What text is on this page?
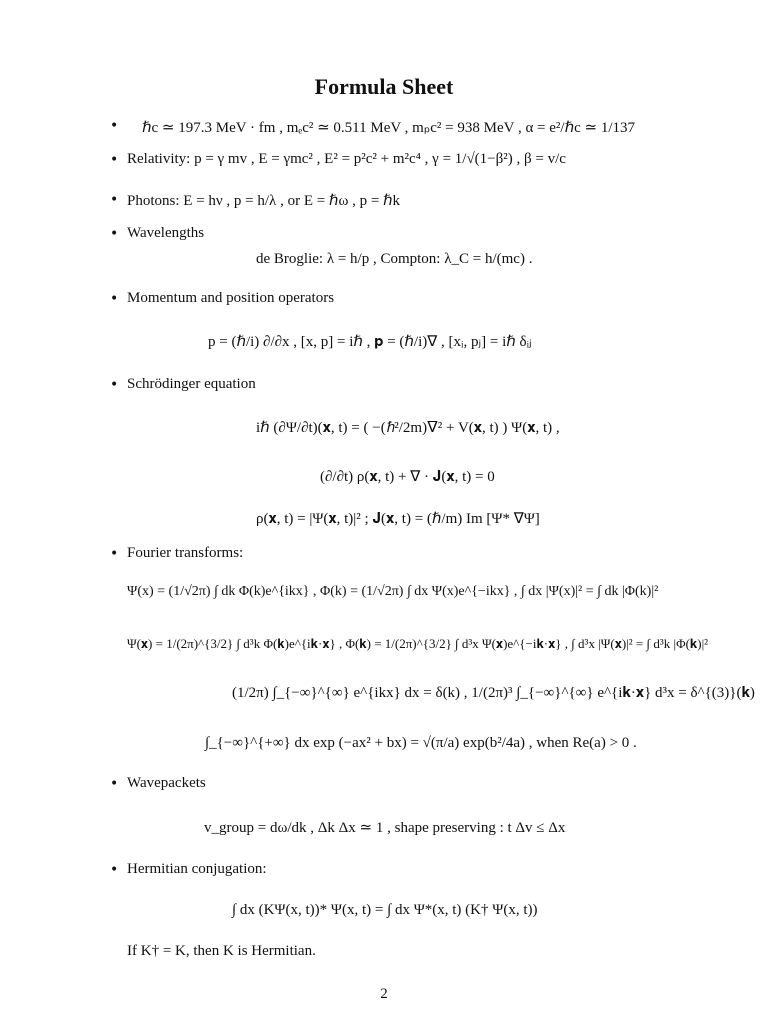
Formula Sheet
• ℏc ≃ 197.3 MeV · fm , mₑc² ≃ 0.511 MeV , mₚc² = 938 MeV , α = e²/ℏc ≃ 1/137
• Relativity: p = γ mv , E = γmc² , E² = p²c² + m²c⁴ , γ = 1/√(1−β²) , β = v/c
• Photons: E = hν , p = h/λ , or E = ℏω , p = ℏk
• Wavelengths
de Broglie: λ = h/p , Compton: λ_C = h/(mc) .
• Momentum and position operators
p = (ℏ/i) ∂/∂x , [x, p] = iℏ , 𝐩 = (ℏ/i)∇ , [xᵢ, pⱼ] = iℏ δᵢⱼ
• Schrödinger equation
iℏ (∂Ψ/∂t)(𝐱, t) = ( −(ℏ²/2m)∇² + V(𝐱, t) ) Ψ(𝐱, t) ,
(∂/∂t) ρ(𝐱, t) + ∇ · 𝐉(𝐱, t) = 0
ρ(𝐱, t) = |Ψ(𝐱, t)|² ; 𝐉(𝐱, t) = (ℏ/m) Im [Ψ* ∇Ψ]
• Fourier transforms:
Ψ(x) = (1/√2π) ∫ dk Φ(k)e^{ikx} , Φ(k) = (1/√2π) ∫ dx Ψ(x)e^{−ikx} , ∫ dx |Ψ(x)|² = ∫ dk |Φ(k)|²
Ψ(𝐱) = 1/(2π)^{3/2} ∫ d³k Φ(𝐤)e^{i𝐤·𝐱} , Φ(𝐤) = 1/(2π)^{3/2} ∫ d³x Ψ(𝐱)e^{−i𝐤·𝐱} , ∫ d³x |Ψ(𝐱)|² = ∫ d³k |Φ(𝐤)|²
(1/2π) ∫_{−∞}^{∞} e^{ikx} dx = δ(k) , 1/(2π)³ ∫_{−∞}^{∞} e^{i𝐤·𝐱} d³x = δ^{(3)}(𝐤)
∫_{−∞}^{+∞} dx exp (−ax² + bx) = √(π/a) exp(b²/4a) , when Re(a) > 0 .
• Wavepackets
v_group = dω/dk , Δk Δx ≃ 1 , shape preserving : t Δv ≤ Δx
• Hermitian conjugation:
∫ dx (KΨ(x, t))* Ψ(x, t) = ∫ dx Ψ*(x, t) (K† Ψ(x, t))
If K† = K, then K is Hermitian.
2
